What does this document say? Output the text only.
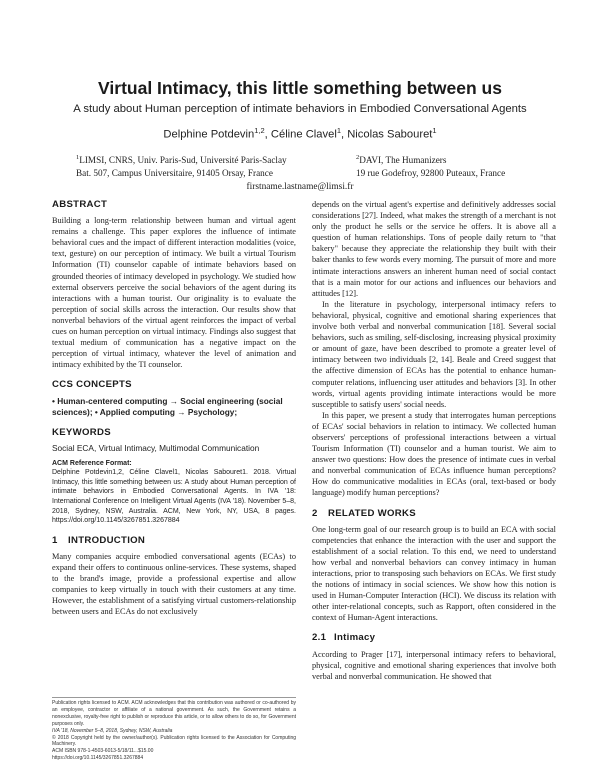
Virtual Intimacy, this little something between us
A study about Human perception of intimate behaviors in Embodied Conversational Agents
Delphine Potdevin$^{1,2}$, Céline Clavel$^1$, Nicolas Sabouret$^1$
$^1$LIMSI, CNRS, Univ. Paris-Sud, Université Paris-Saclay
Bat. 507, Campus Universitaire, 91405 Orsay, France
$^2$DAVI, The Humanizers
19 rue Godefroy, 92800 Puteaux, France
firstname.lastname@limsi.fr
ABSTRACT

Building a long-term relationship between human and virtual agent remains a challenge. This paper explores the influence of intimate behavioral cues and the impact of different interaction modalities (voice, text, gesture) on our perception of intimacy. We built a virtual Tourism Information (TI) counselor capable of intimate behaviors based on grounded theories of intimacy developed in psychology. We studied how external observers perceive the social behaviors of the agent during its interactions with a human tourist. Our originality is to evaluate the perception of social skills across the interaction. Our results show that nonverbal behaviors of the virtual agent reinforces the impact of verbal cues on human perception on virtual intimacy. Findings also suggest that textual medium of communication has a negative impact on the perception of virtual intimacy, whatever the level of animation and intimacy exhibited by the TI counselor.

CCS CONCEPTS

• Human-centered computing → Social engineering (social sciences); • Applied computing → Psychology;

KEYWORDS

Social ECA, Virtual Intimacy, Multimodal Communication

ACM Reference Format:
Delphine Potdevin1,2, Céline Clavel1, Nicolas Sabouret1. 2018. Virtual Intimacy, this little something between us: A study about Human perception of intimate behaviors in Embodied Conversational Agents. In IVA '18: International Conference on Intelligent Virtual Agents (IVA '18). November 5–8, 2018, Sydney, NSW, Australia. ACM, New York, NY, USA, 8 pages. https://doi.org/10.1145/3267851.3267884

1 INTRODUCTION

Many companies acquire embodied conversational agents (ECAs) to expand their offers to continuous online-services. These systems, shaped to the brand's image, provide a professional expertise and allow companies to keep virtually in touch with their customers at any time. However, the establishment of a satisfying virtual customers-relationship between users and ECAs do not exclusively

Publication rights licensed to ACM. ACM acknowledges that this contribution was authored or co-authored by an employee, contractor or affiliate of a national government. As such, the Government retains a nonexclusive, royalty-free right to publish or reproduce this article, or to allow others to do so, for Government purposes only.

IVA '18, November 5–8, 2018, Sydney, NSW, Australia

© 2018 Copyright held by the owner/author(s). Publication rights licensed to the Association for Computing Machinery.

ACM ISBN 978-1-4503-6013-5/18/11...$15.00

https://doi.org/10.1145/3267851.3267884

depends on the virtual agent's expertise and definitively addresses social considerations [27]. Indeed, what makes the strength of a merchant is not only the product he sells or the service he offers. It is above all a question of human relationships. Tons of people daily return to "that bakery" because they appreciate the relationship they built with their baker thanks to few words every morning. The pursuit of more and more intimate interactions answers an inherent human need of social contact that is a main motor for our actions and influences our behaviors and attitudes [12].

In the literature in psychology, interpersonal intimacy refers to behavioral, physical, cognitive and emotional sharing experiences that involve both verbal and nonverbal communication [18]. Several social behaviors, such as smiling, self-disclosing, increasing physical proximity or amount of gaze, have been described to promote a greater level of intimacy between two individuals [2, 14]. Beale and Creed suggest that the affective dimension of ECAs has the potential to enhance human-computer relations, influencing user attitudes and behaviors [3]. In other words, virtual agents providing intimate interactions would be more susceptible to satisfy users' social needs.

In this paper, we present a study that interrogates human perceptions of ECAs' social behaviors in relation to intimacy. We collected human observers' perceptions of professional interactions between a virtual Tourism Information (TI) counselor and a human tourist. We aim to answer two questions: How does the presence of intimate cues in verbal and nonverbal communication of ECAs influence human perceptions? How do communicative modalities in ECAs (oral, text-based or body language) modify human perceptions?

2 RELATED WORKS

One long-term goal of our research group is to build an ECA with social competencies that enhance the interaction with the user and support the establishment of a social relation. To this end, we need to understand how verbal and nonverbal behaviors can convey intimacy in human interactions, prior to transposing such behaviors on ECAs. We first study the notions of intimacy in social sciences. We show how this notion is used in Human-Computer Interaction (HCI). We discuss its relation with other inter-relational concepts, such as Rapport, often considered in the context of Human-Agent interactions.

2.1 Intimacy

According to Prager [17], interpersonal intimacy refers to behavioral, physical, cognitive and emotional sharing experiences that involve both verbal and nonverbal communication. He showed that
